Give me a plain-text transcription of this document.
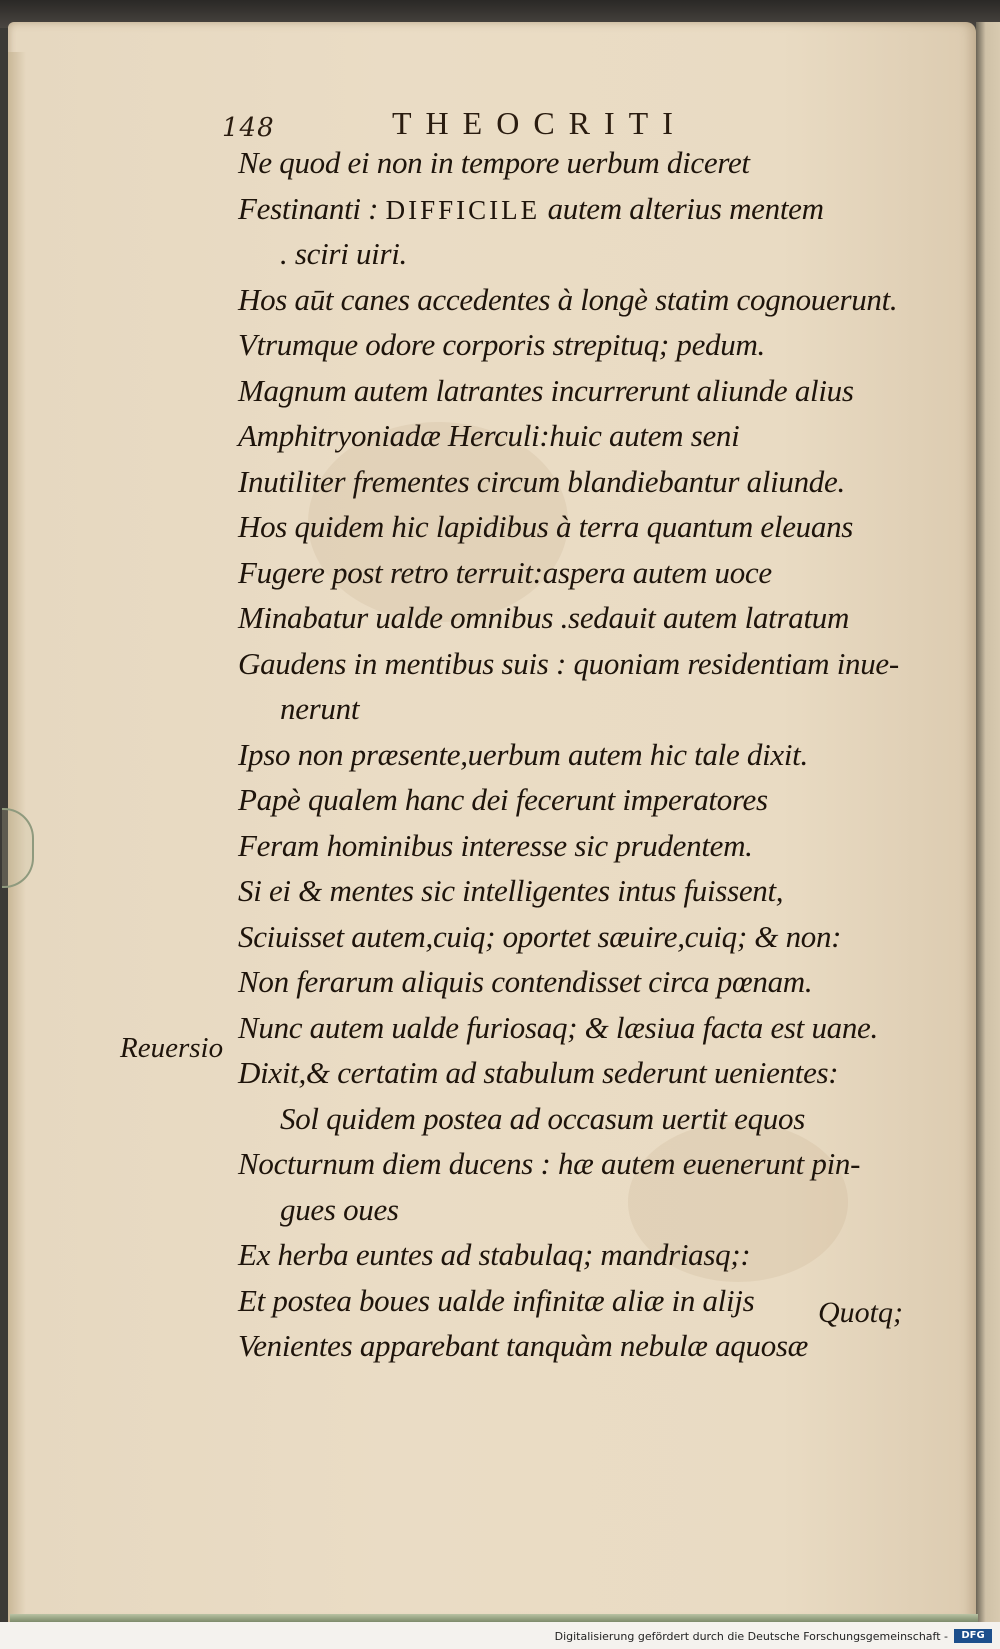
148	THEOCRITI
Ne quod ei non in tempore uerbum diceret
Festinanti : DIFFICILE autem alterius mentem
. sciri uiri.
Hos aūt canes accedentes à longè statim cognouerunt.
Vtrumque odore corporis strepituq; pedum.
Magnum autem latrantes incurrerunt aliunde alius
Amphitryoniadæ Herculi:huic autem seni
Inutiliter frementes circum blandiebantur aliunde.
Hos quidem hic lapidibus à terra quantum eleuans
Fugere post retro terruit:aspera autem uoce
Minabatur ualde omnibus .sedauit autem latratum
Gaudens in mentibus suis : quoniam residentiam inue-
nerunt
Ipso non præsente,uerbum autem hic tale dixit.
Papè qualem hanc dei fecerunt imperatores
Feram hominibus interesse sic prudentem.
Si ei & mentes sic intelligentes intus fuissent,
Sciuisset autem,cuiq; oportet sæuire,cuiq; & non:
Non ferarum aliquis contendisset circa pœnam.
Nunc autem ualde furiosaq; & læsiua facta est uane.
Dixit,& certatim ad stabulum sederunt uenientes:
Sol quidem postea ad occasum uertit equos
Nocturnum diem ducens : hæ autem euenerunt pin-
gues oues
Ex herba euntes ad stabulaq; mandriasq;:
Et postea boues ualde infinitæ aliæ in alijs
Venientes apparebant tanquàm nebulæ aquosæ
Reuersio
Quotq;
Digitalisierung gefördert durch die Deutsche Forschungsgemeinschaft -	DFG
